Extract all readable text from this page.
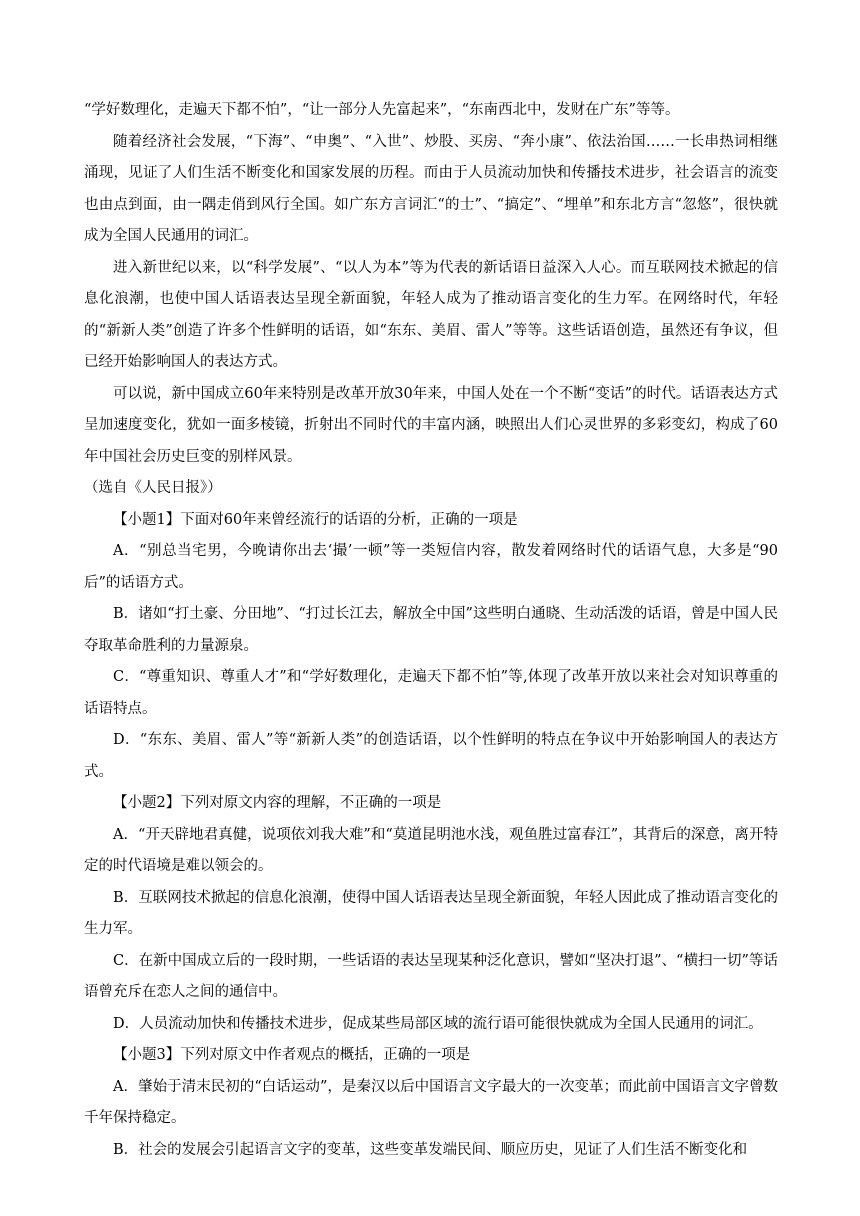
“学好数理化，走遍天下都不怕”，“让一部分人先富起来”，“东南西北中，发财在广东”等等。

随着经济社会发展，“下海”、“申奥”、“入世”、炒股、买房、“奔小康”、依法治国……一长串热词相继涌现，见证了人们生活不断变化和国家发展的历程。而由于人员流动加快和传播技术进步，社会语言的流变也由点到面，由一隅走俏到风行全国。如广东方言词汇“的士”、“搞定”、“埋单”和东北方言“忽悠”，很快就成为全国人民通用的词汇。

进入新世纪以来，以“科学发展”、“以人为本”等为代表的新话语日益深入人心。而互联网技术掀起的信息化浪潮，也使中国人话语表达呈现全新面貌，年轻人成为了推动语言变化的生力军。在网络时代，年轻的“新新人类”创造了许多个性鲜明的话语，如“东东、美眉、雷人”等等。这些话语创造，虽然还有争议，但已经开始影响国人的表达方式。

可以说，新中国成立60年来特别是改革开放30年来，中国人处在一个不断“变话”的时代。话语表达方式呈加速度变化，犹如一面多棱镜，折射出不同时代的丰富内涵，映照出人们心灵世界的多彩变幻，构成了60年中国社会历史巨变的别样风景。

（选自《人民日报》）

【小题1】下面对60年来曾经流行的话语的分析，正确的一项是

A．“别总当宅男，今晚请你出去‘撮’一顿”等一类短信内容，散发着网络时代的话语气息，大多是“90后”的话语方式。

B．诸如“打土豪、分田地”、“打过长江去，解放全中国”这些明白通晓、生动活泼的话语，曾是中国人民夺取革命胜利的力量源泉。

C．“尊重知识、尊重人才”和“学好数理化，走遍天下都不怕”等,体现了改革开放以来社会对知识尊重的话语特点。

D．“东东、美眉、雷人”等“新新人类”的创造话语，以个性鲜明的特点在争议中开始影响国人的表达方式。

【小题2】下列对原文内容的理解，不正确的一项是

A．“开天辟地君真健，说项依刘我大难”和“莫道昆明池水浅，观鱼胜过富春江”，其背后的深意，离开特定的时代语境是难以领会的。

B．互联网技术掀起的信息化浪潮，使得中国人话语表达呈现全新面貌，年轻人因此成了推动语言变化的生力军。

C．在新中国成立后的一段时期，一些话语的表达呈现某种泛化意识，譬如“坚决打退”、“横扫一切”等话语曾充斥在恋人之间的通信中。

D．人员流动加快和传播技术进步，促成某些局部区域的流行语可能很快就成为全国人民通用的词汇。

【小题3】下列对原文中作者观点的概括，正确的一项是

A．肇始于清末民初的“白话运动”，是秦汉以后中国语言文字最大的一次变革；而此前中国语言文字曾数千年保持稳定。

B．社会的发展会引起语言文字的变革，这些变革发端民间、顺应历史，见证了人们生活不断变化和
